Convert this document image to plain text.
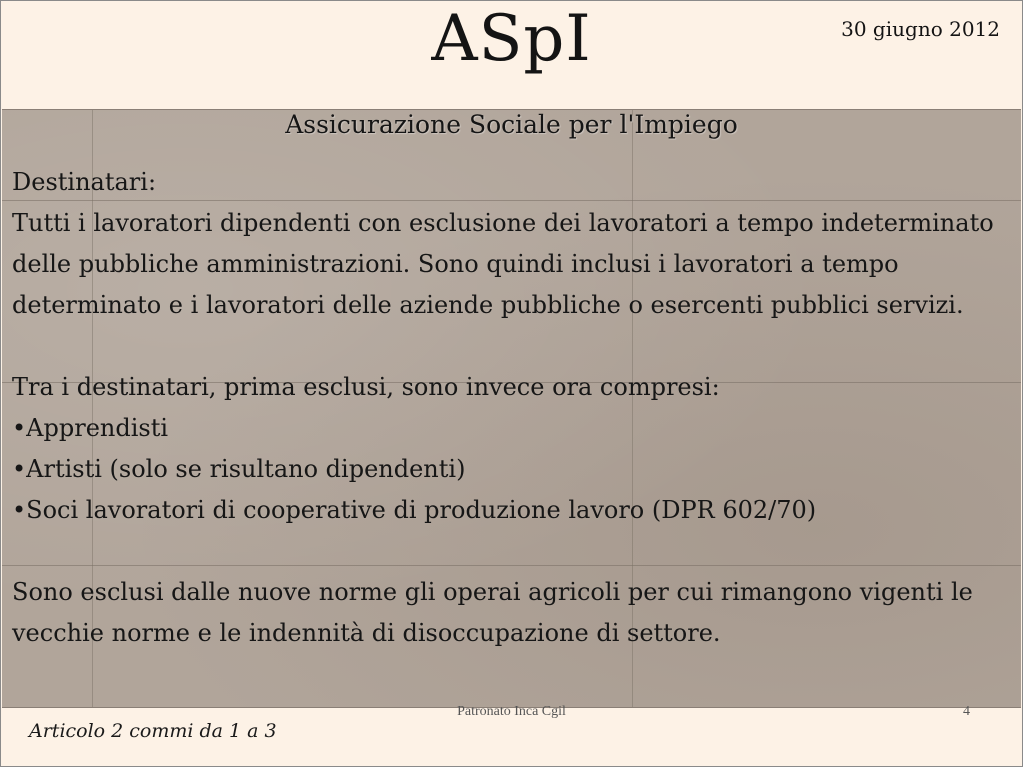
ASpI	30 giugno 2012
Assicurazione Sociale per l'Impiego

Destinatari:

Tutti i lavoratori dipendenti con esclusione dei lavoratori a tempo indeterminato delle pubbliche amministrazioni. Sono quindi inclusi i lavoratori a tempo determinato e i lavoratori delle aziende pubbliche o esercenti pubblici servizi.

Tra i destinatari, prima esclusi, sono invece ora compresi:

•Apprendisti
•Artisti (solo se risultano dipendenti)
•Soci lavoratori di cooperative di produzione lavoro (DPR 602/70)

Sono esclusi dalle nuove norme gli operai agricoli per cui rimangono vigenti le vecchie norme e le indennità di disoccupazione di settore.

Patronato Inca Cgil	4
Articolo 2 commi da 1 a 3
